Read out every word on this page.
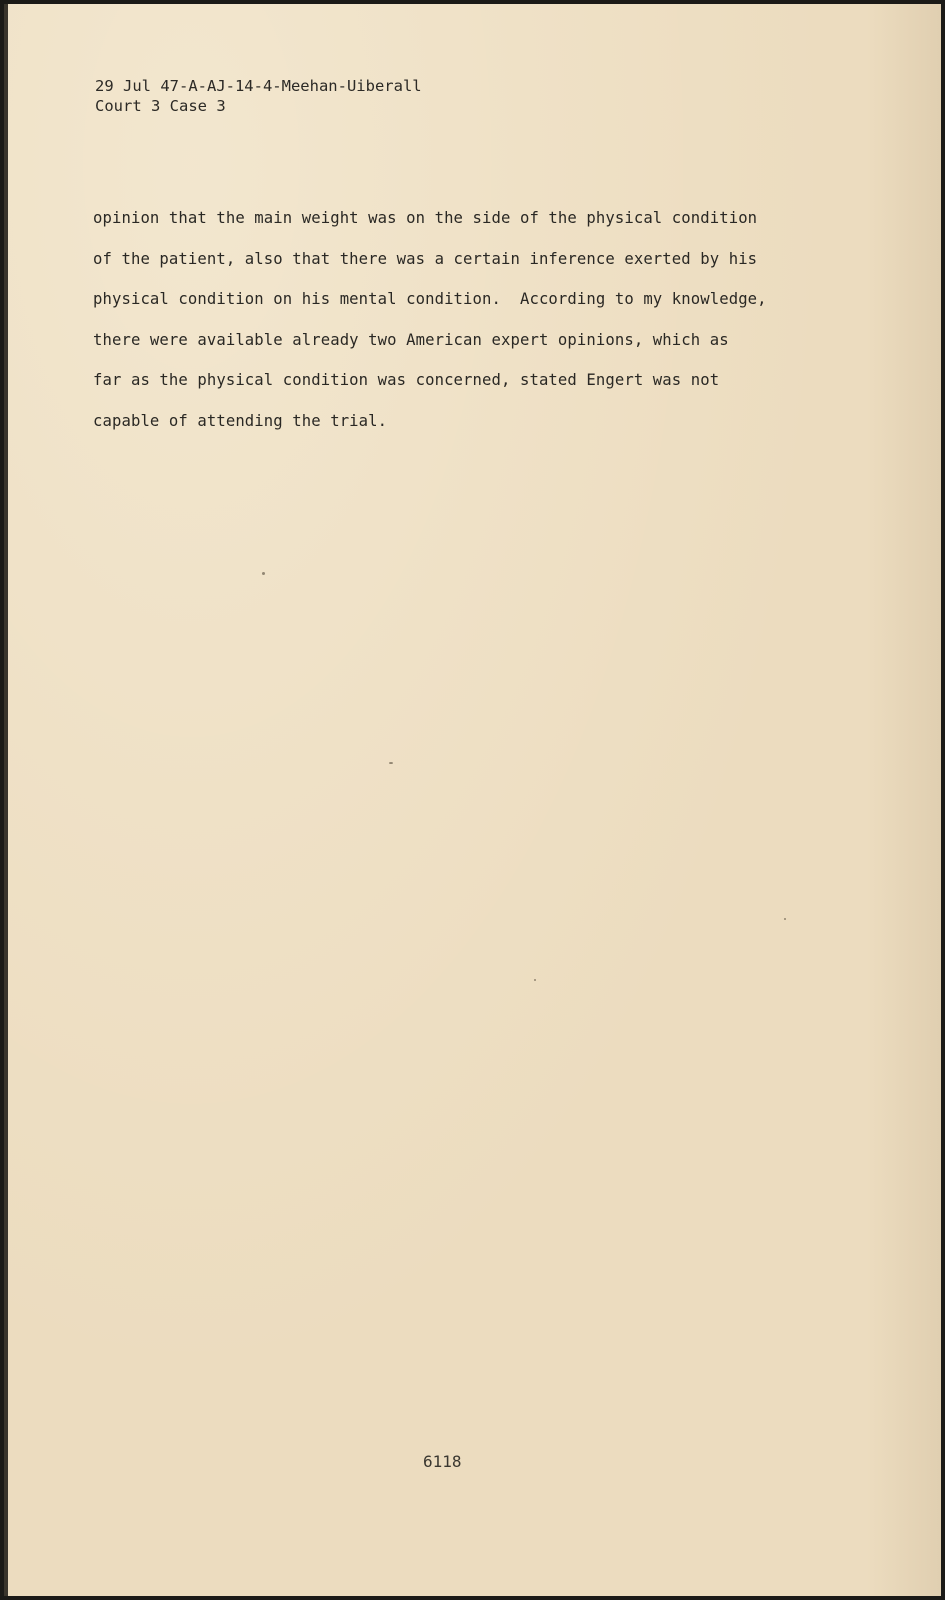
29 Jul 47-A-AJ-14-4-Meehan-Uiberall
Court 3 Case 3
opinion that the main weight was on the side of the physical condition
of the patient, also that there was a certain inference exerted by his
physical condition on his mental condition.  According to my knowledge,
there were available already two American expert opinions, which as
far as the physical condition was concerned, stated Engert was not
capable of attending the trial.
6118
